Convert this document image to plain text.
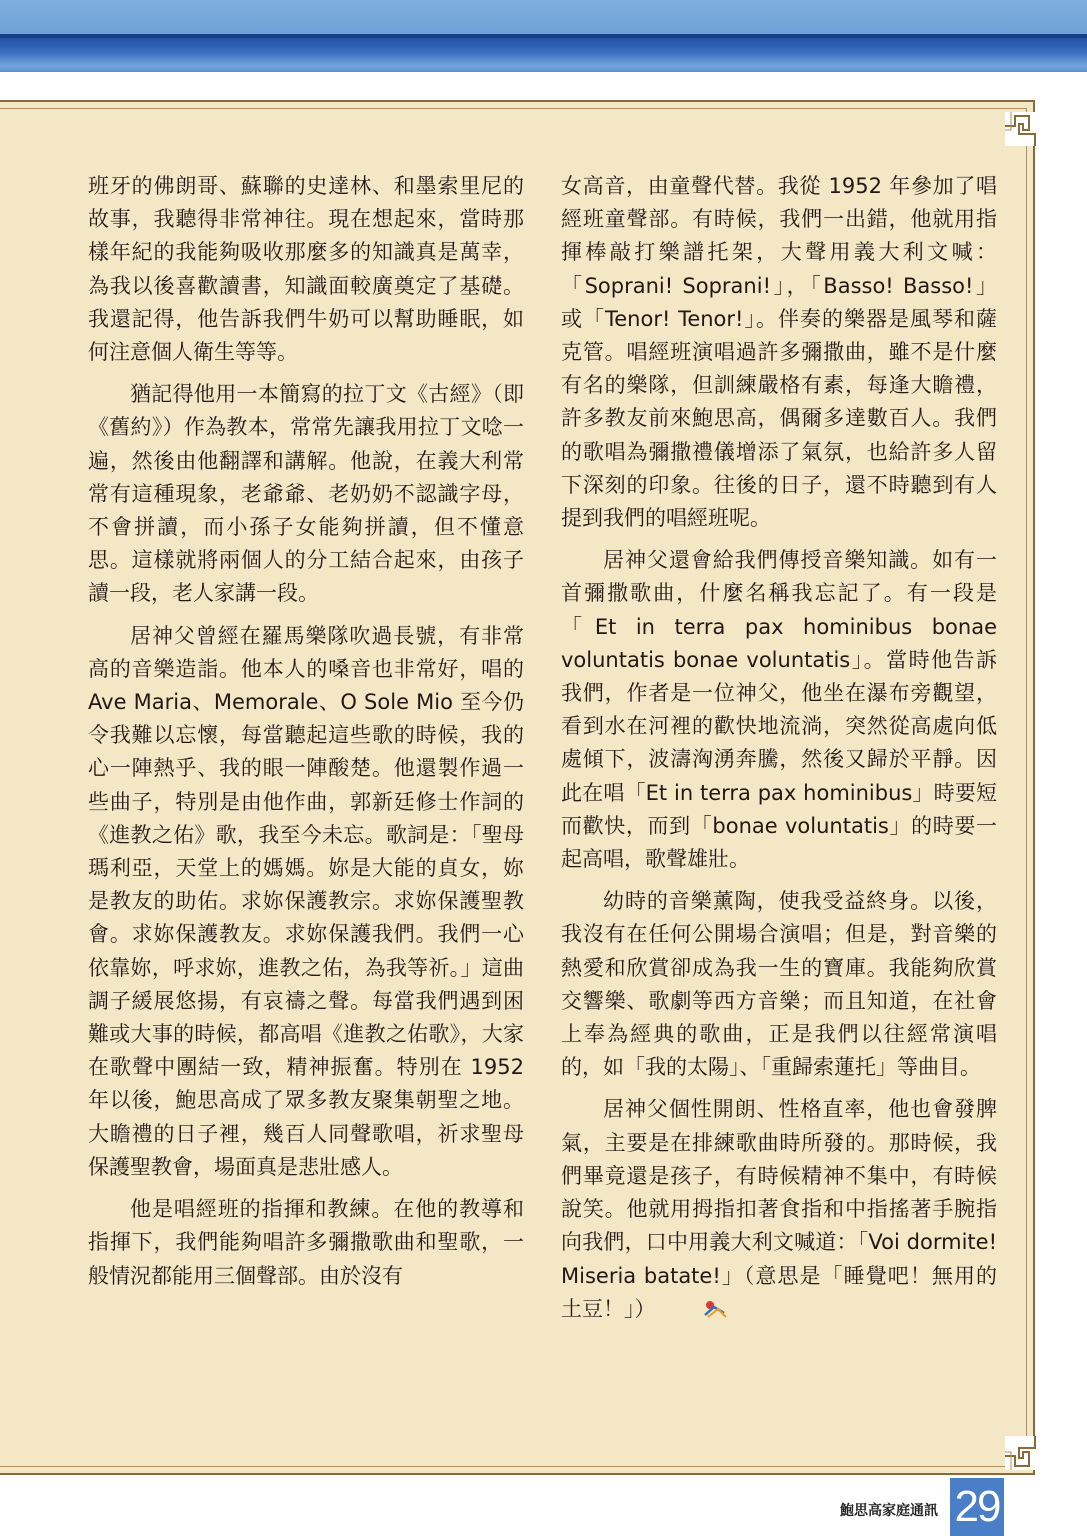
班牙的佛朗哥、蘇聯的史達林、和墨索里尼的故事，我聽得非常神往。現在想起來，當時那樣年紀的我能夠吸收那麼多的知識真是萬幸，為我以後喜歡讀書，知識面較廣奠定了基礎。我還記得，他告訴我們牛奶可以幫助睡眠，如何注意個人衛生等等。

猶記得他用一本簡寫的拉丁文《古經》（即《舊約》）作為教本，常常先讓我用拉丁文唸一遍，然後由他翻譯和講解。他說，在義大利常常有這種現象，老爺爺、老奶奶不認識字母，不會拼讀，而小孫子女能夠拼讀，但不懂意思。這樣就將兩個人的分工結合起來，由孩子讀一段，老人家講一段。

居神父曾經在羅馬樂隊吹過長號，有非常高的音樂造詣。他本人的嗓音也非常好，唱的 Ave Maria、Memorale、O Sole Mio 至今仍令我難以忘懷，每當聽起這些歌的時候，我的心一陣熱乎、我的眼一陣酸楚。他還製作過一些曲子，特別是由他作曲，郭新廷修士作詞的《進教之佑》歌，我至今未忘。歌詞是：「聖母瑪利亞，天堂上的媽媽。妳是大能的貞女，妳是教友的助佑。求妳保護教宗。求妳保護聖教會。求妳保護教友。求妳保護我們。我們一心依靠妳，呼求妳，進教之佑，為我等祈。」這曲調子緩展悠揚，有哀禱之聲。每當我們遇到困難或大事的時候，都高唱《進教之佑歌》，大家在歌聲中團結一致，精神振奮。特別在 1952 年以後，鮑思高成了眾多教友聚集朝聖之地。大瞻禮的日子裡，幾百人同聲歌唱，祈求聖母保護聖教會，場面真是悲壯感人。

他是唱經班的指揮和教練。在他的教導和指揮下，我們能夠唱許多彌撒歌曲和聖歌，一般情況都能用三個聲部。由於沒有

女高音，由童聲代替。我從 1952 年參加了唱經班童聲部。有時候，我們一出錯，他就用指揮棒敲打樂譜托架，大聲用義大利文喊：「Soprani! Soprani!」，「Basso! Basso!」或「Tenor! Tenor!」。伴奏的樂器是風琴和薩克管。唱經班演唱過許多彌撒曲，雖不是什麼有名的樂隊，但訓練嚴格有素，每逢大瞻禮，許多教友前來鮑思高，偶爾多達數百人。我們的歌唱為彌撒禮儀增添了氣氛，也給許多人留下深刻的印象。往後的日子，還不時聽到有人提到我們的唱經班呢。

居神父還會給我們傳授音樂知識。如有一首彌撒歌曲，什麼名稱我忘記了。有一段是「Et in terra pax hominibus bonae voluntatis bonae voluntatis」。當時他告訴我們，作者是一位神父，他坐在瀑布旁觀望，看到水在河裡的歡快地流淌，突然從高處向低處傾下，波濤洶湧奔騰，然後又歸於平靜。因此在唱「Et in terra pax hominibus」時要短而歡快，而到「bonae voluntatis」的時要一起高唱，歌聲雄壯。

幼時的音樂薰陶，使我受益終身。以後，我沒有在任何公開場合演唱；但是，對音樂的熱愛和欣賞卻成為我一生的寶庫。我能夠欣賞交響樂、歌劇等西方音樂；而且知道，在社會上奉為經典的歌曲，正是我們以往經常演唱的，如「我的太陽」、「重歸索蓮托」等曲目。

居神父個性開朗、性格直率，他也會發脾氣，主要是在排練歌曲時所發的。那時候，我們畢竟還是孩子，有時候精神不集中，有時候說笑。他就用拇指扣著食指和中指搖著手腕指向我們，口中用義大利文喊道：「Voi dormite! Miseria batate!」（意思是「睡覺吧！無用的土豆！」）

鮑思高家庭通訊 29
